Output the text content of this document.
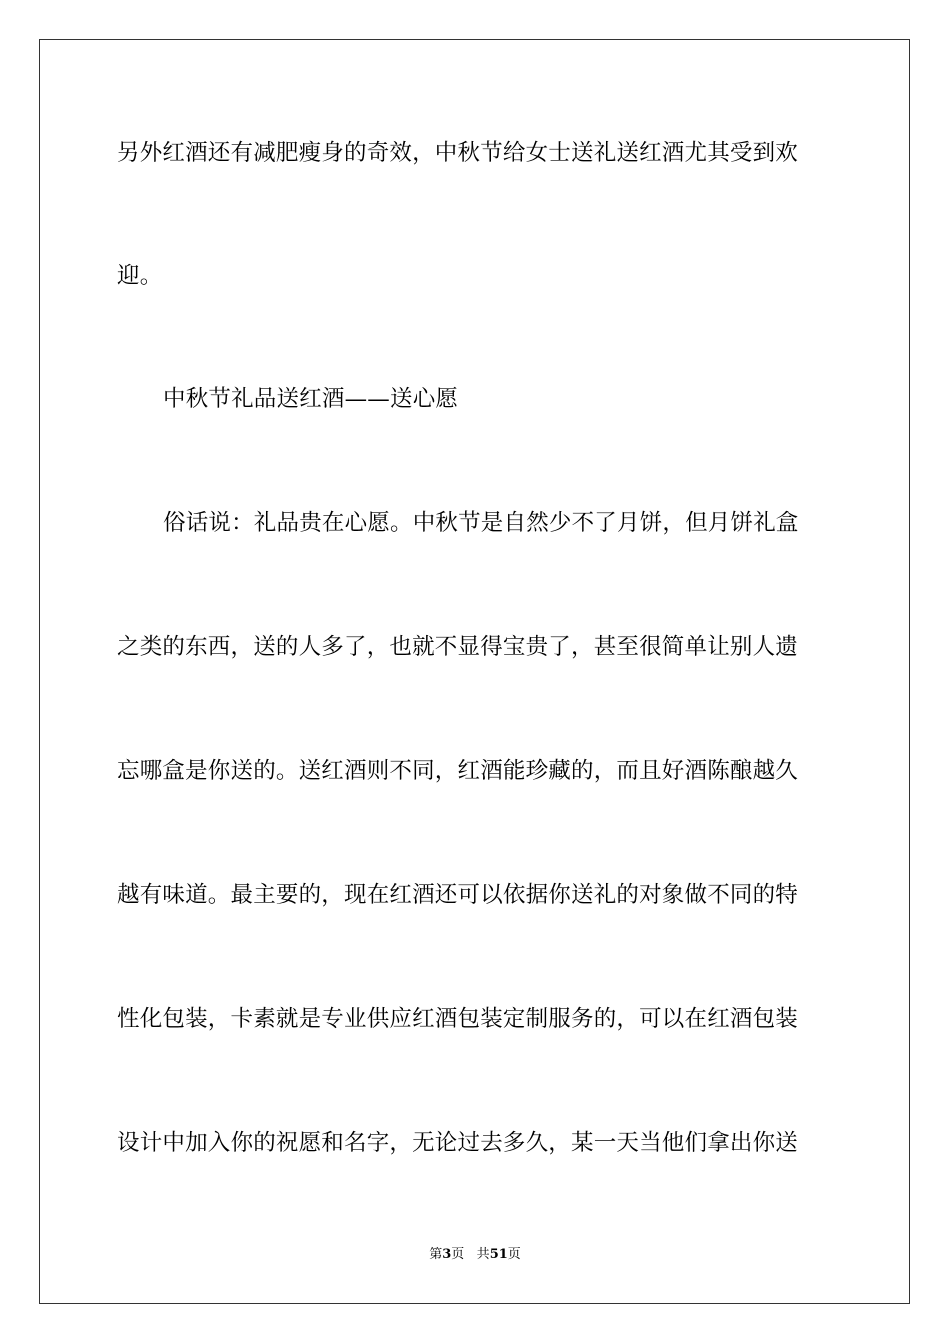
另外红酒还有减肥瘦身的奇效，中秋节给女士送礼送红酒尤其受到欢
迎。
中秋节礼品送红酒——送心愿
俗话说：礼品贵在心愿。中秋节是自然少不了月饼，但月饼礼盒
之类的东西，送的人多了，也就不显得宝贵了，甚至很简单让别人遗
忘哪盒是你送的。送红酒则不同，红酒能珍藏的，而且好酒陈酿越久
越有味道。最主要的，现在红酒还可以依据你送礼的对象做不同的特
性化包装，卡素就是专业供应红酒包装定制服务的，可以在红酒包装
设计中加入你的祝愿和名字，无论过去多久，某一天当他们拿出你送
第3页 共51页
